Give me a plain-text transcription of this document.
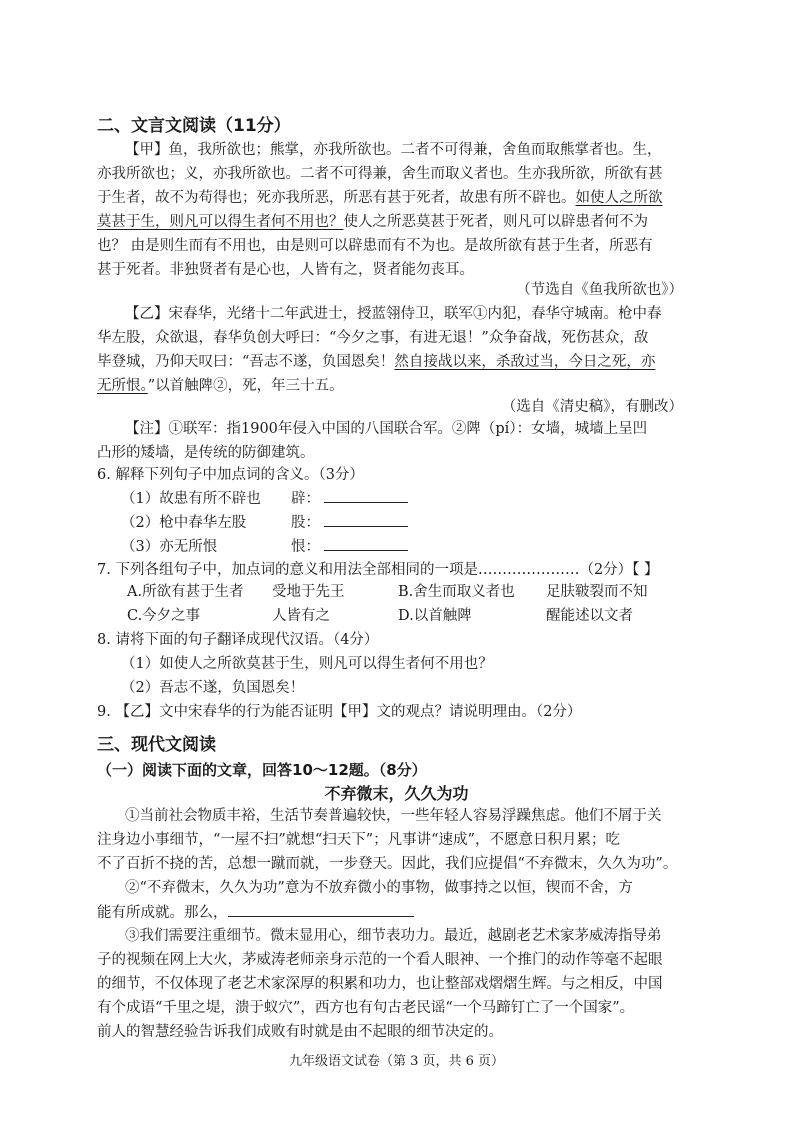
二、文言文阅读（11分）
【甲】鱼，我所欲也；熊掌，亦我所欲也。二者不可得兼，舍鱼而取熊掌者也。生，
亦我所欲也；义，亦我所欲也。二者不可得兼，舍生而取义者也。生亦我所欲，所欲有甚
于生者，故不为苟得也；死亦我所恶，所恶有甚于死者，故患有所不辟也。如使人之所欲
莫甚于生，则凡可以得生者何不用也？使人之所恶莫甚于死者，则凡可以辟患者何不为
也？ 由是则生而有不用也，由是则可以辟患而有不为也。是故所欲有甚于生者，所恶有
甚于死者。非独贤者有是心也，人皆有之，贤者能勿丧耳。
（节选自《鱼我所欲也》）
【乙】宋春华，光绪十二年武进士，授蓝翎侍卫，联军①内犯，春华守城南。枪中春
华左股，众欲退，春华负创大呼曰：“今夕之事，有进无退！”众争奋战，死伤甚众，敌
毕登城，乃仰天叹曰：“吾志不遂，负国恩矣！然自接战以来，杀敌过当，今日之死，亦
无所恨。”以首触陴②，死，年三十五。
（选自《清史稿》，有删改）
【注】①联军：指1900年侵入中国的八国联合军。②陴（pí）：女墙，城墙上呈凹
凸形的矮墙，是传统的防御建筑。
6. 解释下列句子中加点词的含义。（3分）
（1）故患有所不辟也 辟：
（2）枪中春华左股	股：
（3）亦无所恨	恨：
7. 下列各组句子中，加点词的意义和用法全部相同的一项是…………………（2分）【 】
A.所欲有甚于生者 受地于先王	B.舍生而取义者也 足肤皲裂而不知
C.今夕之事	人皆有之	D.以首触陴	醒能述以文者
8. 请将下面的句子翻译成现代汉语。（4分）
（1）如使人之所欲莫甚于生，则凡可以得生者何不用也？
（2）吾志不遂，负国恩矣！
9. 【乙】文中宋春华的行为能否证明【甲】文的观点？请说明理由。（2分）
三、现代文阅读
（一）阅读下面的文章，回答10～12题。（8分）
不弃微末，久久为功
①当前社会物质丰裕，生活节奏普遍较快，一些年轻人容易浮躁焦虑。他们不屑于关
注身边小事细节，“一屋不扫”就想“扫天下”；凡事讲“速成”，不愿意日积月累；吃
不了百折不挠的苦，总想一蹴而就，一步登天。因此，我们应提倡“不弃微末，久久为功”。
②“不弃微末，久久为功”意为不放弃微小的事物，做事持之以恒，锲而不舍，方
能有所成就。那么，
③我们需要注重细节。微末显用心，细节表功力。最近，越剧老艺术家茅威涛指导弟
子的视频在网上大火，茅威涛老师亲身示范的一个看人眼神、一个推门的动作等毫不起眼
的细节，不仅体现了老艺术家深厚的积累和功力，也让整部戏熠熠生辉。与之相反，中国
有个成语“千里之堤，溃于蚁穴”，西方也有句古老民谣“一个马蹄钉亡了一个国家”。
前人的智慧经验告诉我们成败有时就是由不起眼的细节决定的。
九年级语文试卷（第 3 页，共 6 页）
